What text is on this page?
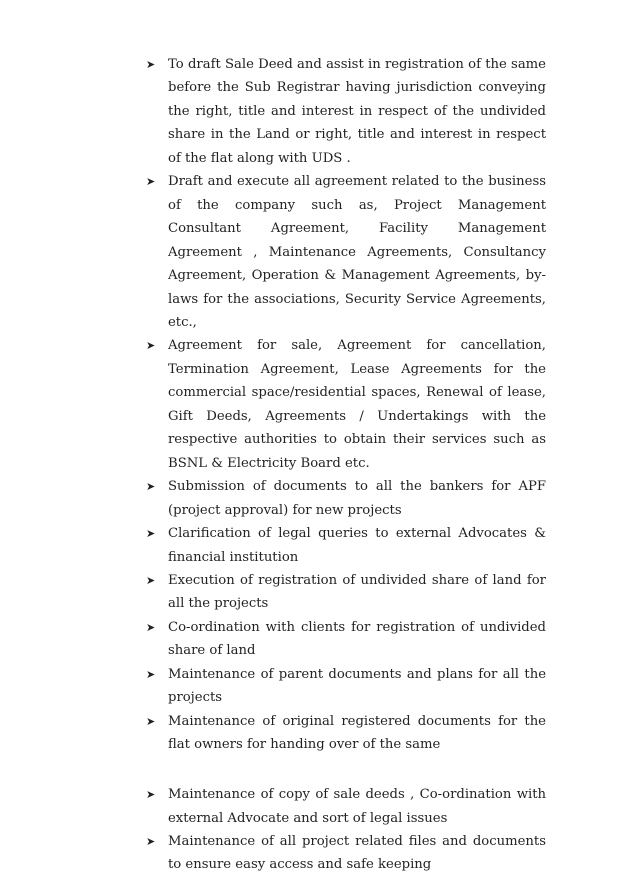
➤ To draft Sale Deed and assist in registration of the same before the Sub Registrar having jurisdiction conveying the right, title and interest in respect of the undivided share in the Land or right, title and interest in respect of the flat along with UDS .
➤ Draft and execute all agreement related to the business of the company such as, Project Management Consultant Agreement, Facility Management Agreement , Maintenance Agreements, Consultancy Agreement, Operation & Management Agreements, by-laws for the associations, Security Service Agreements, etc.,
➤ Agreement for sale, Agreement for cancellation, Termination Agreement, Lease Agreements for the commercial space/residential spaces, Renewal of lease, Gift Deeds, Agreements / Undertakings with the respective authorities to obtain their services such as BSNL & Electricity Board etc.
➤ Submission of documents to all the bankers for APF (project approval) for new projects
➤ Clarification of legal queries to external Advocates & financial institution
➤ Execution of registration of undivided share of land for all the projects
➤ Co-ordination with clients for registration of undivided share of land
➤ Maintenance of parent documents and plans for all the projects
➤ Maintenance of original registered documents for the flat owners for handing over of the same
➤ Maintenance of copy of sale deeds , Co-ordination with external Advocate and sort of legal issues
➤ Maintenance of all project related files and documents to ensure easy access and safe keeping
